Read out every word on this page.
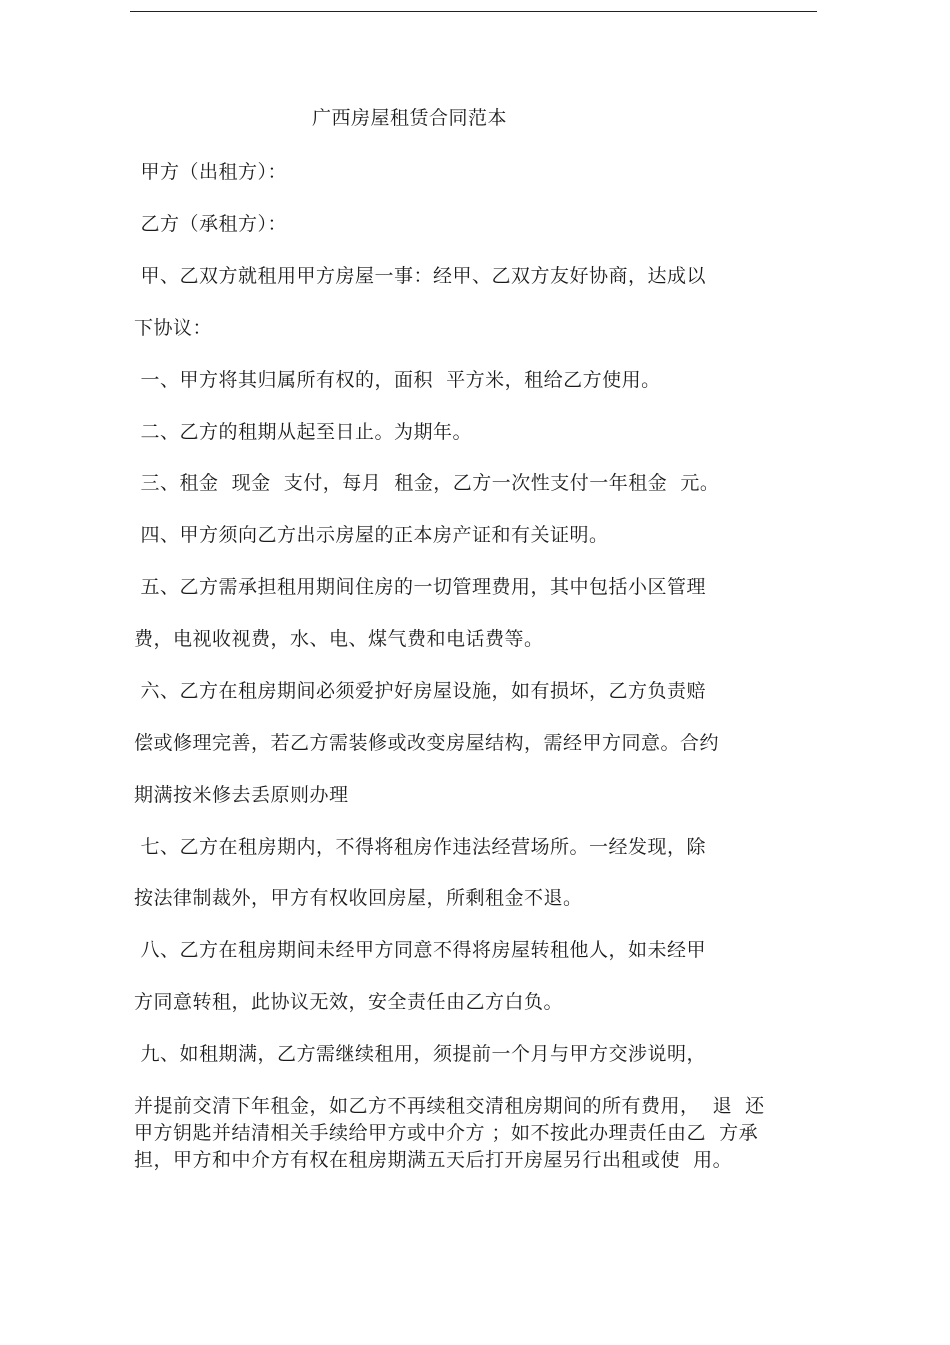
广西房屋租赁合同范本
甲方（出租方）：
乙方（承租方）：
甲、乙双方就租用甲方房屋一事：经甲、乙双方友好协商，达成以
下协议：
一、甲方将其归属所有权的，面积  平方米，租给乙方使用。
二、乙方的租期从起至日止。为期年。
三、租金  现金  支付，每月  租金，乙方一次性支付一年租金  元。
四、甲方须向乙方出示房屋的正本房产证和有关证明。
五、乙方需承担租用期间住房的一切管理费用，其中包括小区管理
费，电视收视费，水、电、煤气费和电话费等。
六、乙方在租房期间必须爱护好房屋设施，如有损坏，乙方负责赔
偿或修理完善，若乙方需装修或改变房屋结构，需经甲方同意。合约
期满按米修去丢原则办理
七、乙方在租房期内，不得将租房作违法经营场所。一经发现，除
按法律制裁外，甲方有权收回房屋，所剩租金不退。
八、乙方在租房期间未经甲方同意不得将房屋转租他人，如未经甲
方同意转租，此协议无效，安全责任由乙方白负。
九、如租期满，乙方需继续租用，须提前一个月与甲方交涉说明，
并提前交清下年租金，如乙方不再续租交清租房期间的所有费用，  退  还
甲方钥匙并结清相关手续给甲方或中介方 ；如不按此办理责任由乙  方承
担，甲方和中介方有权在租房期满五天后打开房屋另行出租或使  用。
